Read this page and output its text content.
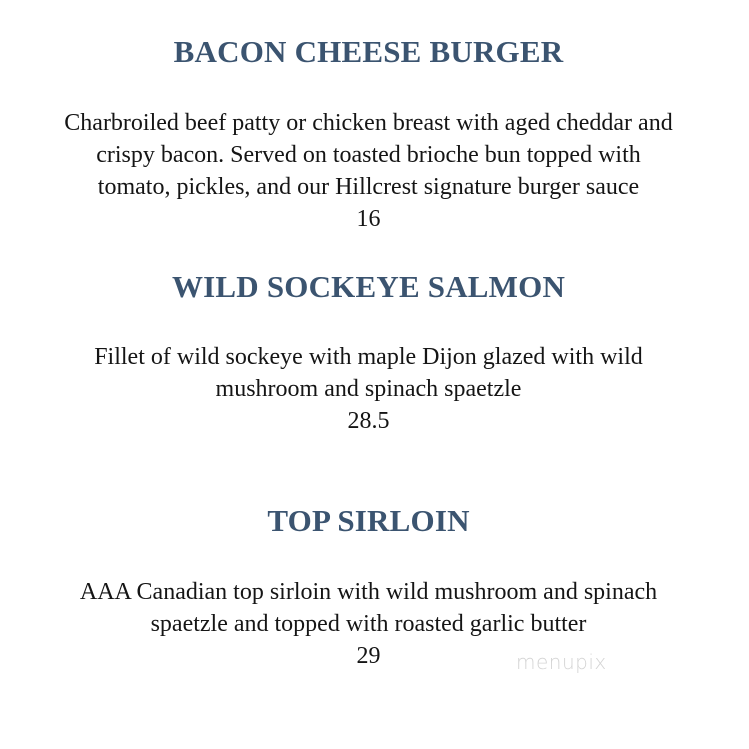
BACON CHEESE BURGER
Charbroiled beef patty or chicken breast with aged cheddar and
crispy bacon. Served on toasted brioche bun topped with
tomato, pickles, and our Hillcrest signature burger sauce
16
WILD SOCKEYE SALMON
Fillet of wild sockeye with maple Dijon glazed with wild
mushroom and spinach spaetzle
28.5
TOP SIRLOIN
AAA Canadian top sirloin with wild mushroom and spinach
spaetzle and topped with roasted garlic butter
29	menupix
